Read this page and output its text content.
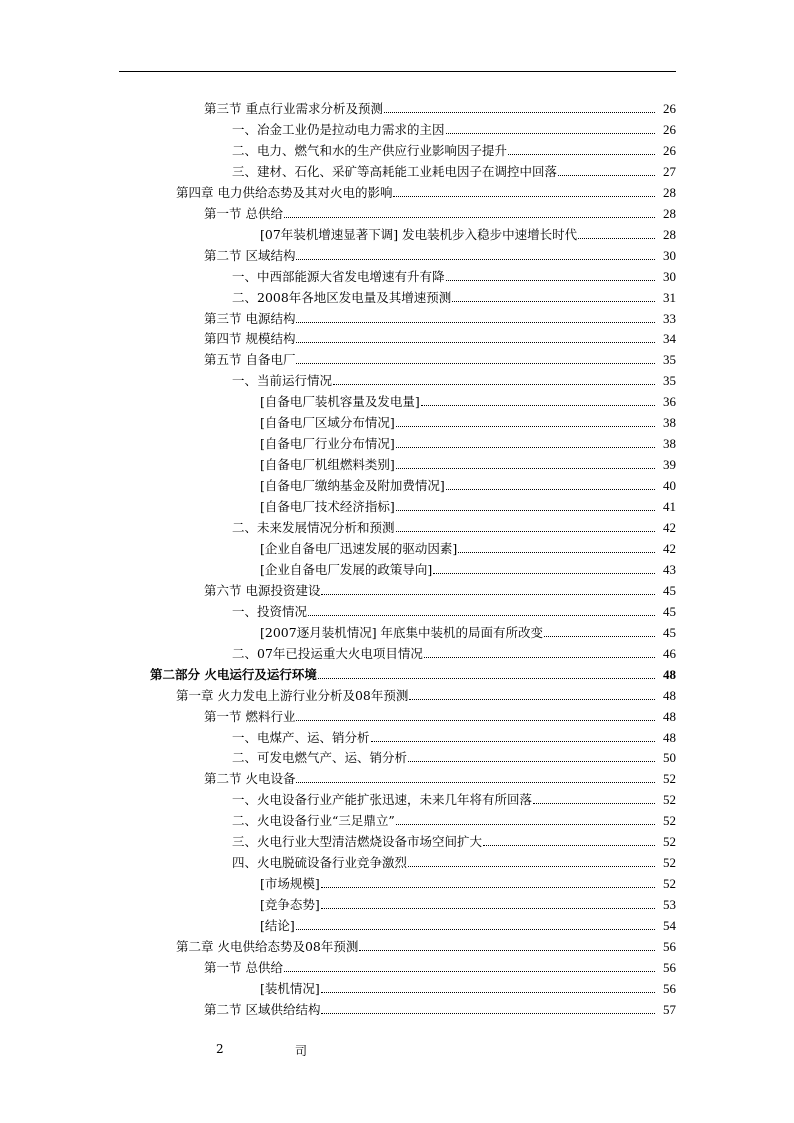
第三节 重点行业需求分析及预测	26
一、冶金工业仍是拉动电力需求的主因	26
二、电力、燃气和水的生产供应行业影响因子提升	26
三、建材、石化、采矿等高耗能工业耗电因子在调控中回落	27
第四章 电力供给态势及其对火电的影响	28
第一节 总供给	28
[07年装机增速显著下调] 发电装机步入稳步中速增长时代	28
第二节 区域结构	30
一、中西部能源大省发电增速有升有降	30
二、2008年各地区发电量及其增速预测	31
第三节 电源结构	33
第四节 规模结构	34
第五节 自备电厂	35
一、当前运行情况	35
[自备电厂装机容量及发电量]	36
[自备电厂区域分布情况]	38
[自备电厂行业分布情况]	38
[自备电厂机组燃料类别]	39
[自备电厂缴纳基金及附加费情况]	40
[自备电厂技术经济指标]	41
二、未来发展情况分析和预测	42
[企业自备电厂迅速发展的驱动因素]	42
[企业自备电厂发展的政策导向]	43
第六节 电源投资建设	45
一、投资情况	45
[2007逐月装机情况] 年底集中装机的局面有所改变	45
二、07年已投运重大火电项目情况	46
第二部分 火电运行及运行环境	48
第一章 火力发电上游行业分析及08年预测	48
第一节 燃料行业	48
一、电煤产、运、销分析	48
二、可发电燃气产、运、销分析	50
第二节 火电设备	52
一、火电设备行业产能扩张迅速，未来几年将有所回落	52
二、火电设备行业“三足鼎立”	52
三、火电行业大型清洁燃烧设备市场空间扩大	52
四、火电脱硫设备行业竞争激烈	52
[市场规模]	52
[竞争态势]	53
[结论]	54
第二章 火电供给态势及08年预测	56
第一节 总供给	56
[装机情况]	56
第二节 区域供给结构	57
2	司
